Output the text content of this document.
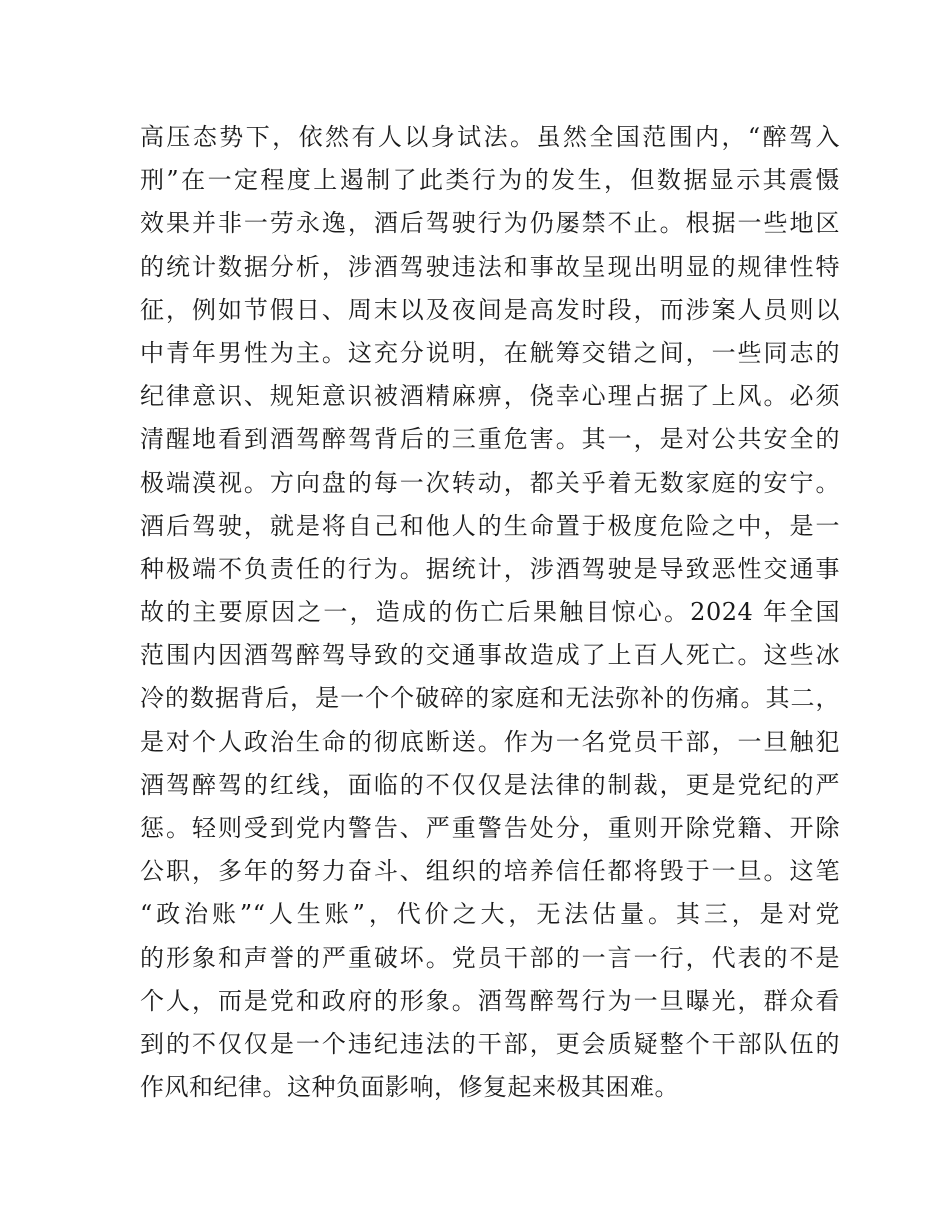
高压态势下，依然有人以身试法。虽然全国范围内，“醉驾入
刑”在一定程度上遏制了此类行为的发生，但数据显示其震慑
效果并非一劳永逸，酒后驾驶行为仍屡禁不止。根据一些地区
的统计数据分析，涉酒驾驶违法和事故呈现出明显的规律性特
征，例如节假日、周末以及夜间是高发时段，而涉案人员则以
中青年男性为主。这充分说明，在觥筹交错之间，一些同志的
纪律意识、规矩意识被酒精麻痹，侥幸心理占据了上风。必须
清醒地看到酒驾醉驾背后的三重危害。其一，是对公共安全的
极端漠视。方向盘的每一次转动，都关乎着无数家庭的安宁。
酒后驾驶，就是将自己和他人的生命置于极度危险之中，是一
种极端不负责任的行为。据统计，涉酒驾驶是导致恶性交通事
故的主要原因之一，造成的伤亡后果触目惊心。2024 年全国
范围内因酒驾醉驾导致的交通事故造成了上百人死亡。这些冰
冷的数据背后，是一个个破碎的家庭和无法弥补的伤痛。其二，
是对个人政治生命的彻底断送。作为一名党员干部，一旦触犯
酒驾醉驾的红线，面临的不仅仅是法律的制裁，更是党纪的严
惩。轻则受到党内警告、严重警告处分，重则开除党籍、开除
公职，多年的努力奋斗、组织的培养信任都将毁于一旦。这笔
“政治账”“人生账”，代价之大，无法估量。其三，是对党
的形象和声誉的严重破坏。党员干部的一言一行，代表的不是
个人，而是党和政府的形象。酒驾醉驾行为一旦曝光，群众看
到的不仅仅是一个违纪违法的干部，更会质疑整个干部队伍的
作风和纪律。这种负面影响，修复起来极其困难。
